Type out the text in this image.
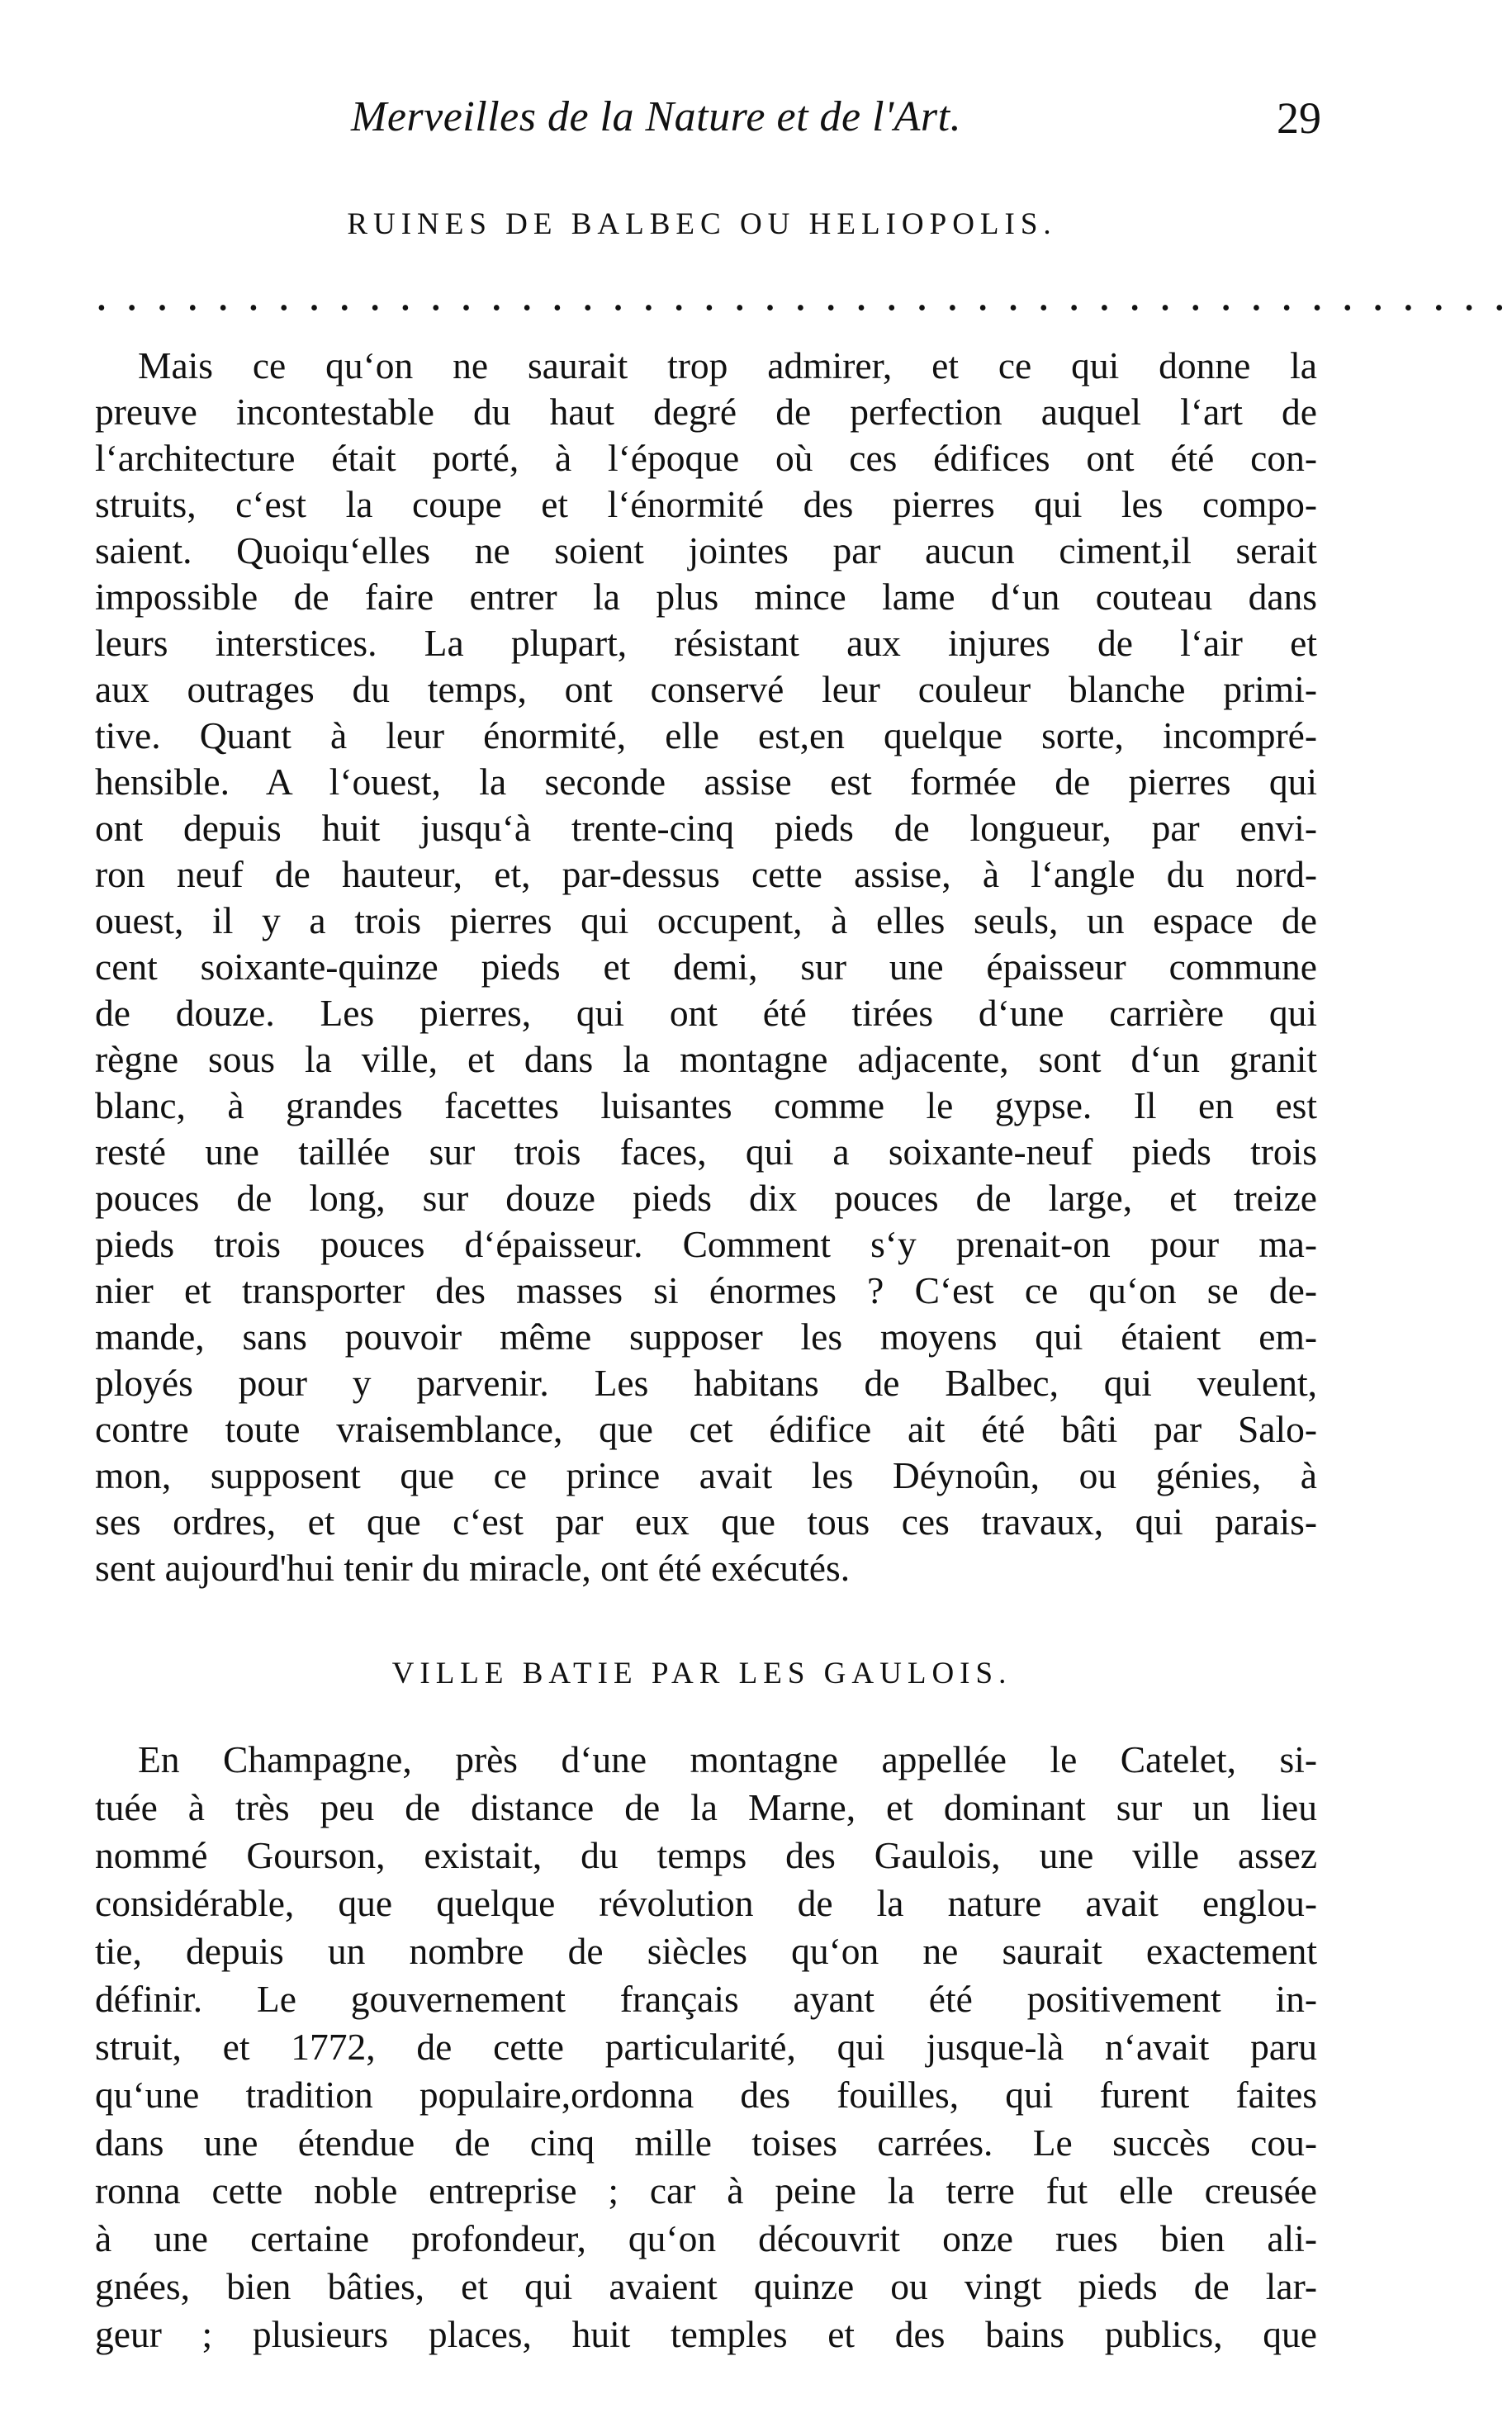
Merveilles de la Nature et de l'Art.	29
RUINES DE BALBEC OU HELIOPOLIS.
• • • • • • • • • • • • • • • • • • • • • • • • • • • • • • • • • • • • • • • • • • • • • • •
Mais ce qu‘on ne saurait trop admirer, et ce qui donne la
preuve incontestable du haut degré de perfection auquel l‘art de
l‘architecture était porté, à l‘époque où ces édifices ont été con-
struits, c‘est la coupe et l‘énormité des pierres qui les compo-
saient. Quoiqu‘elles ne soient jointes par aucun ciment,il serait
impossible de faire entrer la plus mince lame d‘un couteau dans
leurs interstices. La plupart, résistant aux injures de l‘air et
aux outrages du temps, ont conservé leur couleur blanche primi-
tive. Quant à leur énormité, elle est,en quelque sorte, incompré-
hensible. A l‘ouest, la seconde assise est formée de pierres qui
ont depuis huit jusqu‘à trente-cinq pieds de longueur, par envi-
ron neuf de hauteur, et, par-dessus cette assise, à l‘angle du nord-
ouest, il y a trois pierres qui occupent, à elles seuls, un espace de
cent soixante-quinze pieds et demi, sur une épaisseur commune
de douze. Les pierres, qui ont été tirées d‘une carrière qui
règne sous la ville, et dans la montagne adjacente, sont d‘un granit
blanc, à grandes facettes luisantes comme le gypse. Il en est
resté une taillée sur trois faces, qui a soixante-neuf pieds trois
pouces de long, sur douze pieds dix pouces de large, et treize
pieds trois pouces d‘épaisseur. Comment s‘y prenait-on pour ma-
nier et transporter des masses si énormes ? C‘est ce qu‘on se de-
mande, sans pouvoir même supposer les moyens qui étaient em-
ployés pour y parvenir. Les habitans de Balbec, qui veulent,
contre toute vraisemblance, que cet édifice ait été bâti par Salo-
mon, supposent que ce prince avait les Déynoûn, ou génies, à
ses ordres, et que c‘est par eux que tous ces travaux, qui parais-
sent aujourd'hui tenir du miracle, ont été exécutés.
VILLE BATIE PAR LES GAULOIS.
En Champagne, près d‘une montagne appellée le Catelet, si-
tuée à très peu de distance de la Marne, et dominant sur un lieu
nommé Gourson, existait, du temps des Gaulois, une ville assez
considérable, que quelque révolution de la nature avait englou-
tie, depuis un nombre de siècles qu‘on ne saurait exactement
définir. Le gouvernement français ayant été positivement in-
struit, et 1772, de cette particularité, qui jusque-là n‘avait paru
qu‘une tradition populaire,ordonna des fouilles, qui furent faites
dans une étendue de cinq mille toises carrées. Le succès cou-
ronna cette noble entreprise ; car à peine la terre fut elle creusée
à une certaine profondeur, qu‘on découvrit onze rues bien ali-
gnées, bien bâties, et qui avaient quinze ou vingt pieds de lar-
geur ; plusieurs places, huit temples et des bains publics, que
